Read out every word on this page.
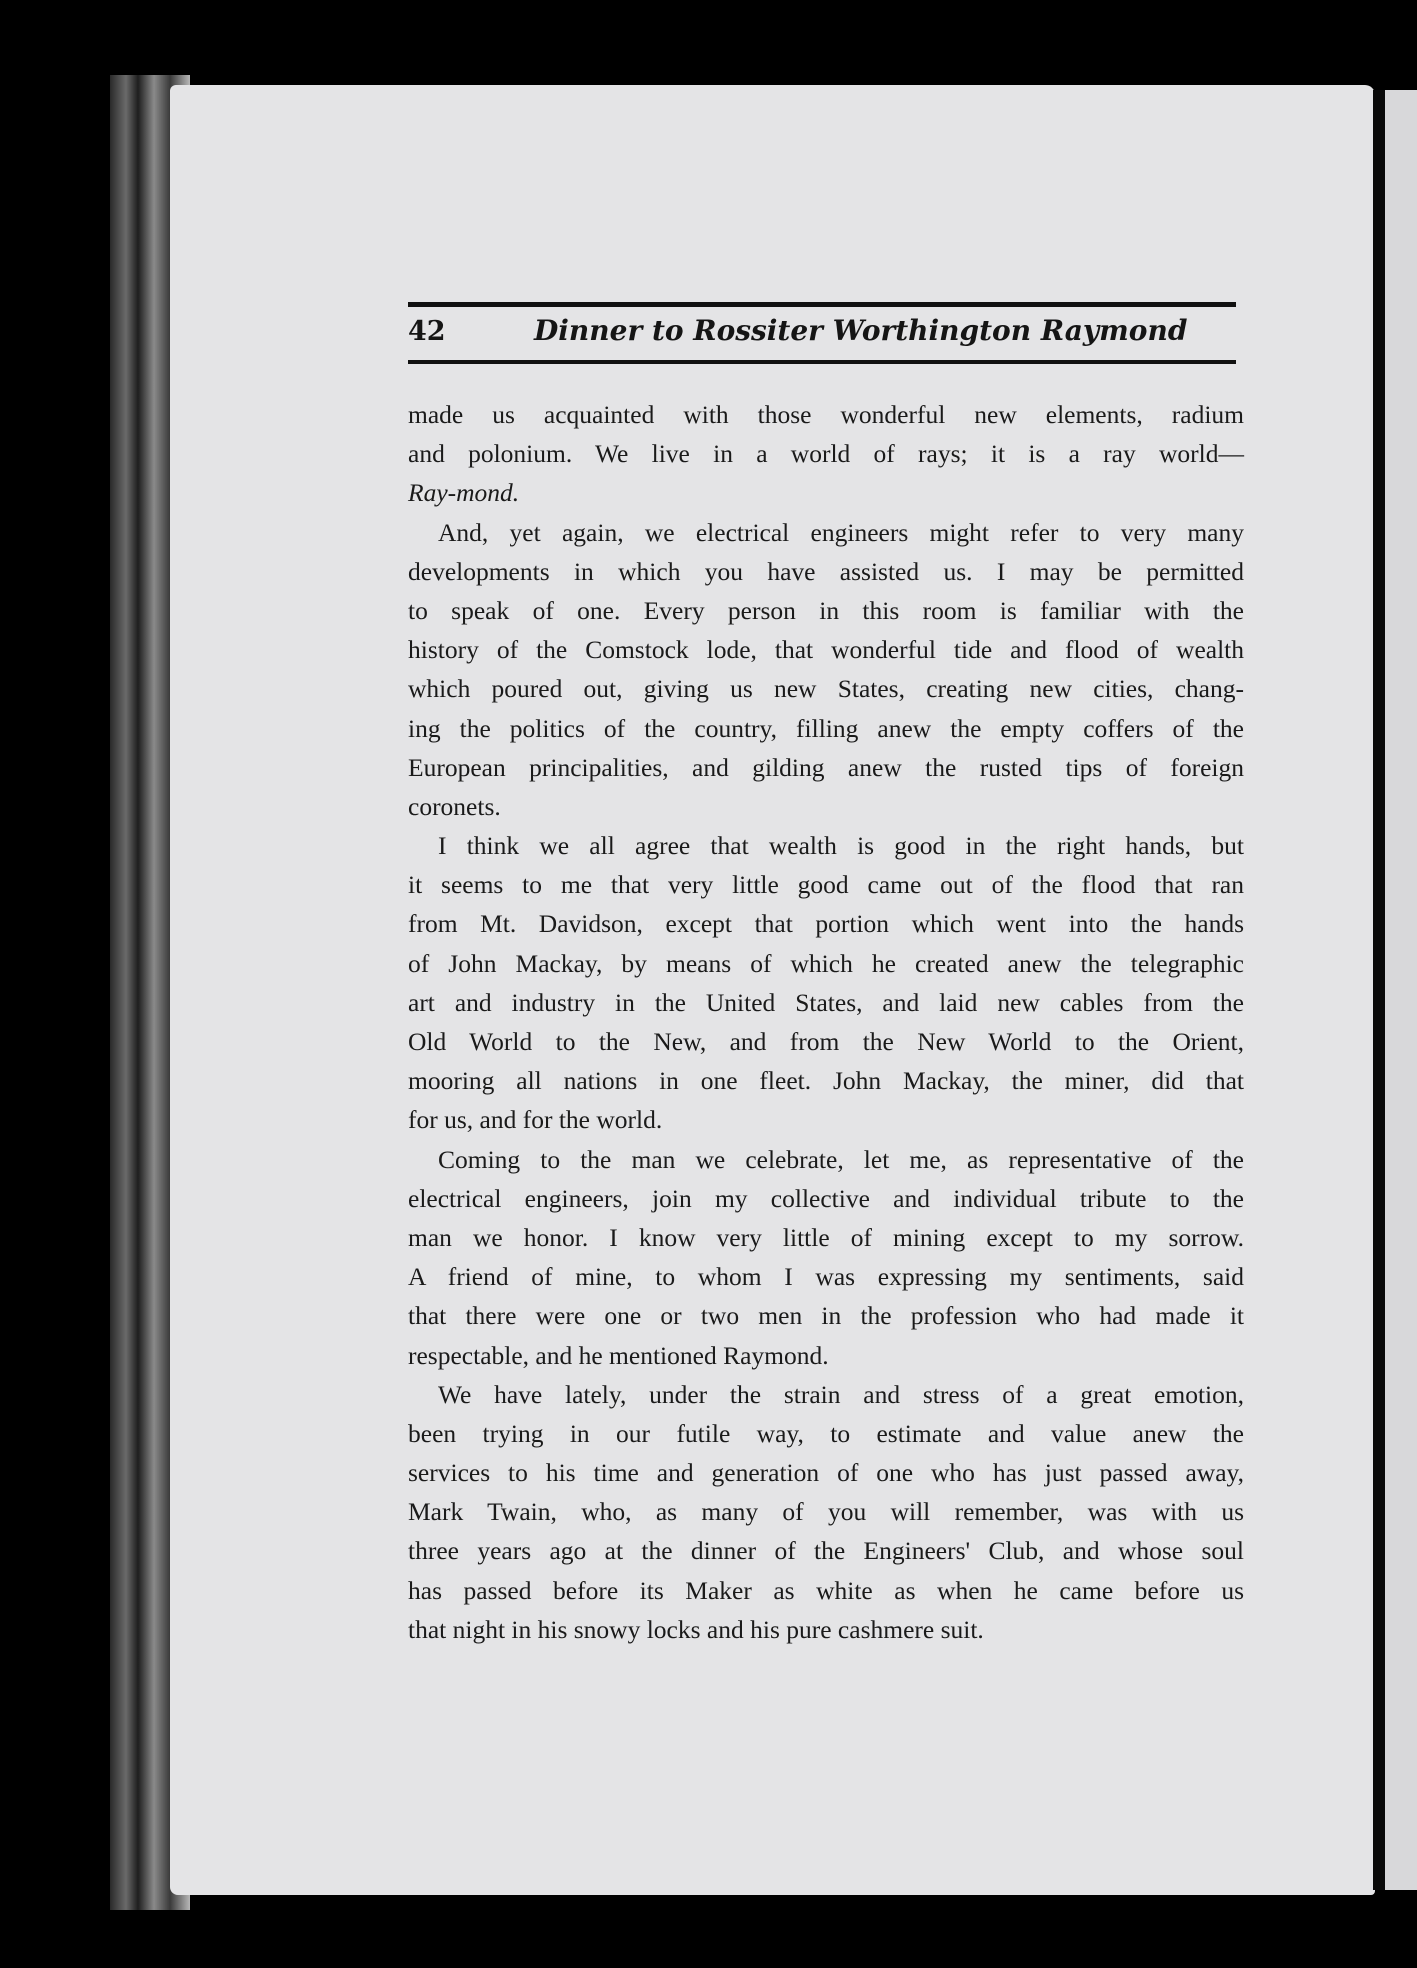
42	Dinner to Rossiter Worthington Raymond

made us acquainted with those wonderful new elements, radium
and polonium. We live in a world of rays; it is a ray world—
Ray-mond.

And, yet again, we electrical engineers might refer to very many
developments in which you have assisted us. I may be permitted
to speak of one. Every person in this room is familiar with the
history of the Comstock lode, that wonderful tide and flood of wealth
which poured out, giving us new States, creating new cities, chang-
ing the politics of the country, filling anew the empty coffers of the
European principalities, and gilding anew the rusted tips of foreign
coronets.

I think we all agree that wealth is good in the right hands, but
it seems to me that very little good came out of the flood that ran
from Mt. Davidson, except that portion which went into the hands
of John Mackay, by means of which he created anew the telegraphic
art and industry in the United States, and laid new cables from the
Old World to the New, and from the New World to the Orient,
mooring all nations in one fleet. John Mackay, the miner, did that
for us, and for the world.

Coming to the man we celebrate, let me, as representative of the
electrical engineers, join my collective and individual tribute to the
man we honor. I know very little of mining except to my sorrow.
A friend of mine, to whom I was expressing my sentiments, said
that there were one or two men in the profession who had made it
respectable, and he mentioned Raymond.

We have lately, under the strain and stress of a great emotion,
been trying in our futile way, to estimate and value anew the
services to his time and generation of one who has just passed away,
Mark Twain, who, as many of you will remember, was with us
three years ago at the dinner of the Engineers' Club, and whose soul
has passed before its Maker as white as when he came before us
that night in his snowy locks and his pure cashmere suit.
